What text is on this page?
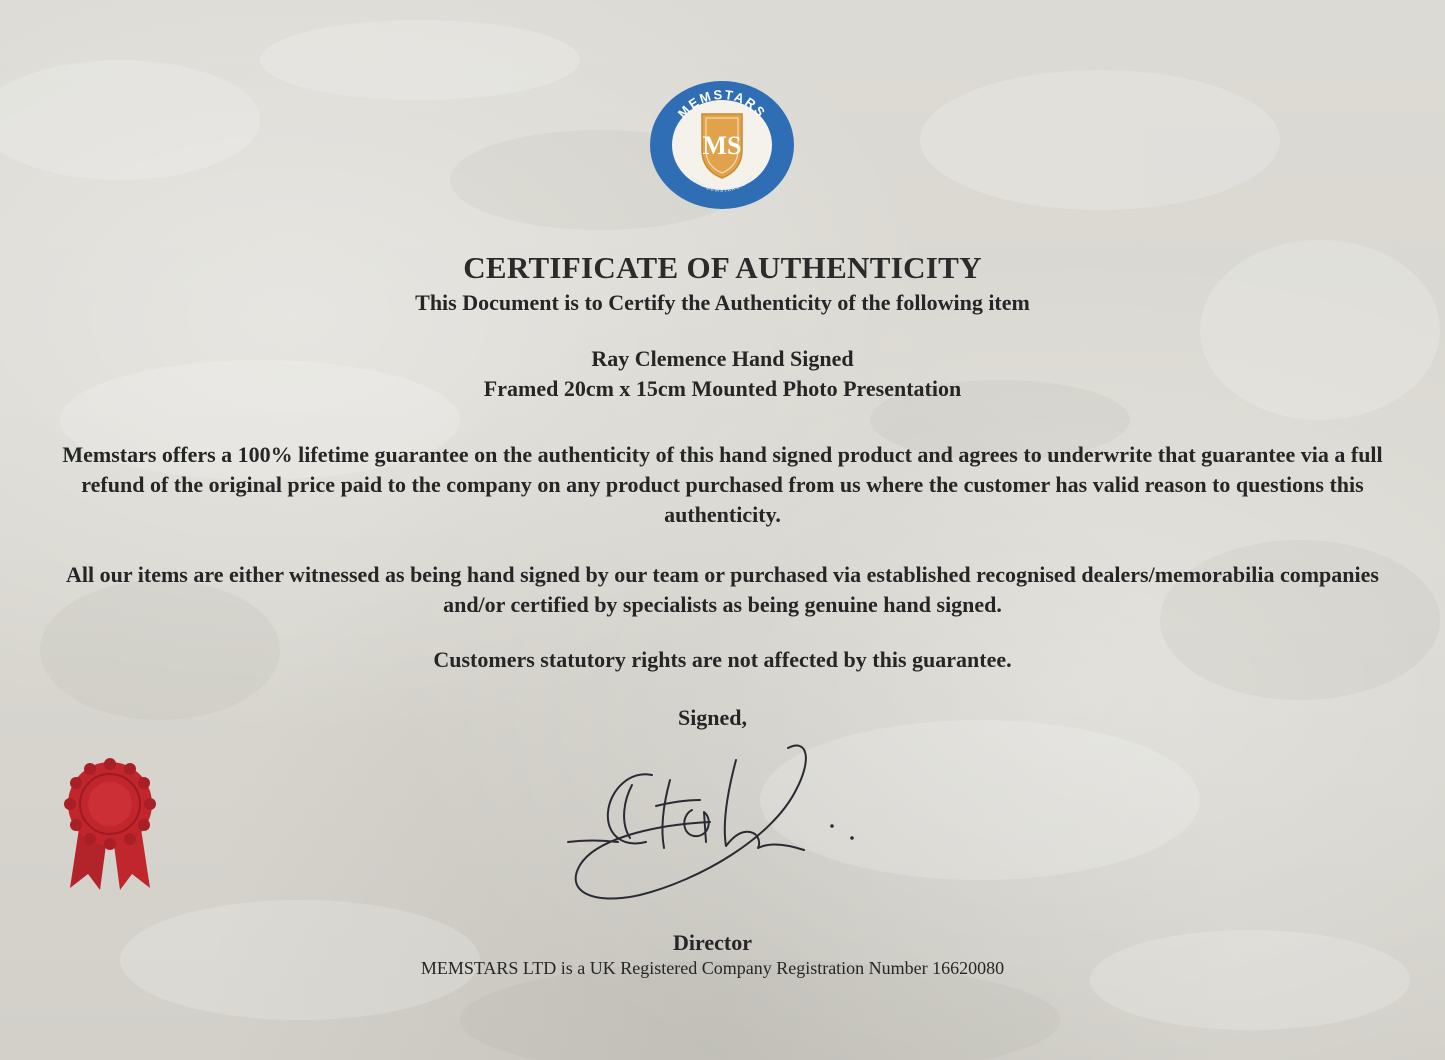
MEMSTARS
WWW.MEMSTARS.COM
MS
CERTIFICATE OF AUTHENTICITY
This Document is to Certify the Authenticity of the following item
Ray Clemence Hand Signed
Framed 20cm x 15cm Mounted Photo Presentation
Memstars offers a 100% lifetime guarantee on the authenticity of this hand signed product and agrees to underwrite that guarantee via a full refund of the original price paid to the company on any product purchased from us where the customer has valid reason to questions this authenticity.
All our items are either witnessed as being hand signed by our team or purchased via established recognised dealers/memorabilia companies and/or certified by specialists as being genuine hand signed.
Customers statutory rights are not affected by this guarantee.
Signed,
Director
MEMSTARS LTD is a UK Registered Company Registration Number 16620080
